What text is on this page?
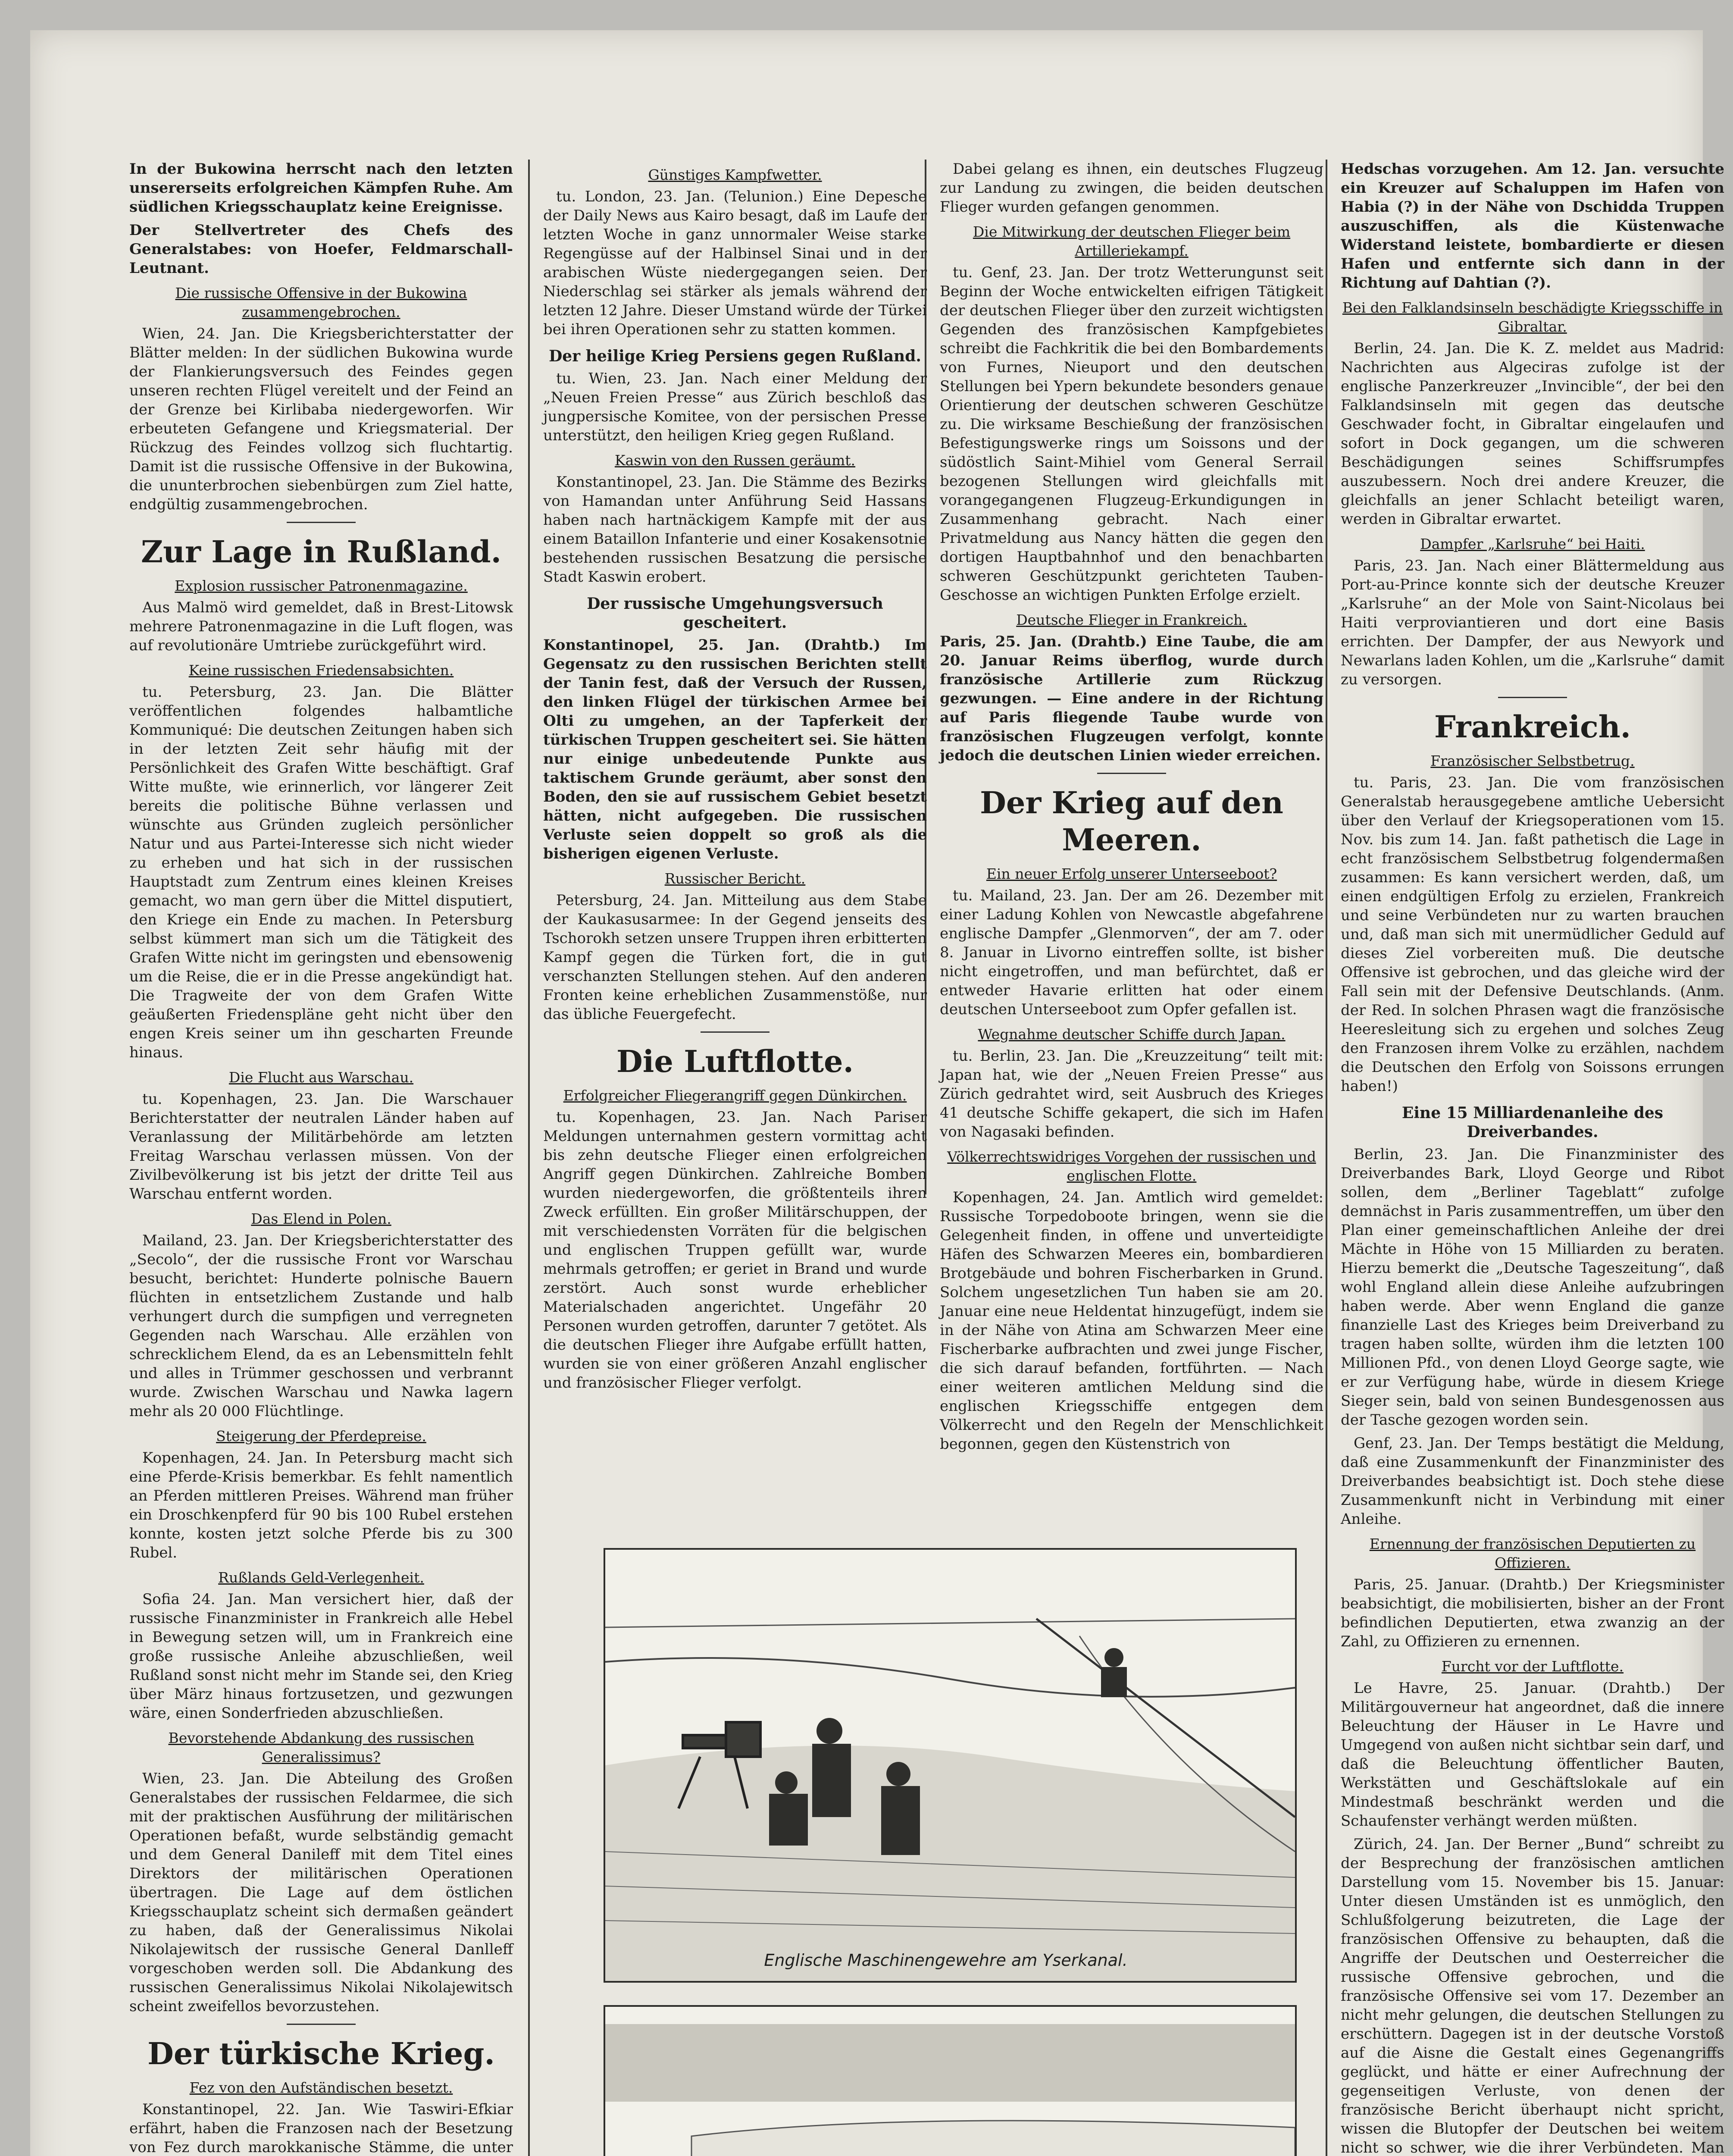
In der Bukowina herrscht nach den letzten unsererseits erfolgreichen Kämpfen Ruhe. Am südlichen Kriegsschauplatz keine Ereignisse.

Der Stellvertreter des Chefs des Generalstabes: von Hoefer, Feldmarschall-Leutnant.

Die russische Offensive in der Bukowina zusammengebrochen.

Wien, 24. Jan. Die Kriegsberichterstatter der Blätter melden: In der südlichen Bukowina wurde der Flankierungsversuch des Feindes gegen unseren rechten Flügel vereitelt und der Feind an der Grenze bei Kirlibaba niedergeworfen. Wir erbeuteten Gefangene und Kriegsmaterial. Der Rückzug des Feindes vollzog sich fluchtartig. Damit ist die russische Offensive in der Bukowina, die ununterbrochen siebenbürgen zum Ziel hatte, endgültig zusammengebrochen.

Zur Lage in Rußland.
Explosion russischer Patronenmagazine.

Aus Malmö wird gemeldet, daß in Brest-Litowsk mehrere Patronenmagazine in die Luft flogen, was auf revolutionäre Umtriebe zurückgeführt wird.

Keine russischen Friedensabsichten.

tu. Petersburg, 23. Jan. Die Blätter veröffentlichen folgendes halbamtliche Kommuniqué: Die deutschen Zeitungen haben sich in der letzten Zeit sehr häufig mit der Persönlichkeit des Grafen Witte beschäftigt. Graf Witte mußte, wie erinnerlich, vor längerer Zeit bereits die politische Bühne verlassen und wünschte aus Gründen zugleich persönlicher Natur und aus Partei-Interesse sich nicht wieder zu erheben und hat sich in der russischen Hauptstadt zum Zentrum eines kleinen Kreises gemacht, wo man gern über die Mittel disputiert, den Kriege ein Ende zu machen. In Petersburg selbst kümmert man sich um die Tätigkeit des Grafen Witte nicht im geringsten und ebensowenig um die Reise, die er in die Presse angekündigt hat. Die Tragweite der von dem Grafen Witte geäußerten Friedenspläne geht nicht über den engen Kreis seiner um ihn gescharten Freunde hinaus.

Die Flucht aus Warschau.

tu. Kopenhagen, 23. Jan. Die Warschauer Berichterstatter der neutralen Länder haben auf Veranlassung der Militärbehörde am letzten Freitag Warschau verlassen müssen. Von der Zivilbevölkerung ist bis jetzt der dritte Teil aus Warschau entfernt worden.

Das Elend in Polen.

Mailand, 23. Jan. Der Kriegsberichterstatter des „Secolo“, der die russische Front vor Warschau besucht, berichtet: Hunderte polnische Bauern flüchten in entsetzlichem Zustande und halb verhungert durch die sumpfigen und verregneten Gegenden nach Warschau. Alle erzählen von schrecklichem Elend, da es an Lebensmitteln fehlt und alles in Trümmer geschossen und verbrannt wurde. Zwischen Warschau und Nawka lagern mehr als 20 000 Flüchtlinge.

Steigerung der Pferdepreise.

Kopenhagen, 24. Jan. In Petersburg macht sich eine Pferde-Krisis bemerkbar. Es fehlt namentlich an Pferden mittleren Preises. Während man früher ein Droschkenpferd für 90 bis 100 Rubel erstehen konnte, kosten jetzt solche Pferde bis zu 300 Rubel.

Rußlands Geld-Verlegenheit.

Sofia 24. Jan. Man versichert hier, daß der russische Finanzminister in Frankreich alle Hebel in Bewegung setzen will, um in Frankreich eine große russische Anleihe abzuschließen, weil Rußland sonst nicht mehr im Stande sei, den Krieg über März hinaus fortzusetzen, und gezwungen wäre, einen Sonderfrieden abzuschließen.

Bevorstehende Abdankung des russischen Generalissimus?

Wien, 23. Jan. Die Abteilung des Großen Generalstabes der russischen Feldarmee, die sich mit der praktischen Ausführung der militärischen Operationen befaßt, wurde selbständig gemacht und dem General Danileff mit dem Titel eines Direktors der militärischen Operationen übertragen. Die Lage auf dem östlichen Kriegsschauplatz scheint sich dermaßen geändert zu haben, daß der Generalissimus Nikolai Nikolajewitsch der russische General Danlleff vorgeschoben werden soll. Die Abdankung des russischen Generalissimus Nikolai Nikolajewitsch scheint zweifellos bevorzustehen.

Der türkische Krieg.
Fez von den Aufständischen besetzt.

Konstantinopel, 22. Jan. Wie Taswiri-Efkiar erfährt, haben die Franzosen nach der Besetzung von Fez durch marokkanische Stämme, die unter

Günstiges Kampfwetter.

tu. London, 23. Jan. (Telunion.) Eine Depesche der Daily News aus Kairo besagt, daß im Laufe der letzten Woche in ganz unnormaler Weise starke Regengüsse auf der Halbinsel Sinai und in der arabischen Wüste niedergegangen seien. Der Niederschlag sei stärker als jemals während der letzten 12 Jahre. Dieser Umstand würde der Türkei bei ihren Operationen sehr zu statten kommen.

Der heilige Krieg Persiens gegen Rußland.

tu. Wien, 23. Jan. Nach einer Meldung der „Neuen Freien Presse“ aus Zürich beschloß das jungpersische Komitee, von der persischen Presse unterstützt, den heiligen Krieg gegen Rußland.

Kaswin von den Russen geräumt.

Konstantinopel, 23. Jan. Die Stämme des Bezirks von Hamandan unter Anführung Seid Hassans haben nach hartnäckigem Kampfe mit der aus einem Bataillon Infanterie und einer Kosakensotnie bestehenden russischen Besatzung die persische Stadt Kaswin erobert.

Der russische Umgehungsversuch gescheitert.

Konstantinopel, 25. Jan. (Drahtb.) Im Gegensatz zu den russischen Berichten stellt der Tanin fest, daß der Versuch der Russen, den linken Flügel der türkischen Armee bei Olti zu umgehen, an der Tapferkeit der türkischen Truppen gescheitert sei. Sie hätten nur einige unbedeutende Punkte aus taktischem Grunde geräumt, aber sonst den Boden, den sie auf russischem Gebiet besetzt hätten, nicht aufgegeben. Die russischen Verluste seien doppelt so groß als die bisherigen eigenen Verluste.

Russischer Bericht.

Petersburg, 24. Jan. Mitteilung aus dem Stabe der Kaukasusarmee: In der Gegend jenseits des Tschorokh setzen unsere Truppen ihren erbitterten Kampf gegen die Türken fort, die in gut verschanzten Stellungen stehen. Auf den anderen Fronten keine erheblichen Zusammenstöße, nur das übliche Feuergefecht.

Die Luftflotte.
Erfolgreicher Fliegerangriff gegen Dünkirchen.

tu. Kopenhagen, 23. Jan. Nach Pariser Meldungen unternahmen gestern vormittag acht bis zehn deutsche Flieger einen erfolgreichen Angriff gegen Dünkirchen. Zahlreiche Bomben wurden niedergeworfen, die größtenteils ihren Zweck erfüllten. Ein großer Militärschuppen, der mit verschiedensten Vorräten für die belgischen und englischen Truppen gefüllt war, wurde mehrmals getroffen; er geriet in Brand und wurde zerstört. Auch sonst wurde erheblicher Materialschaden angerichtet. Ungefähr 20 Personen wurden getroffen, darunter 7 getötet. Als die deutschen Flieger ihre Aufgabe erfüllt hatten, wurden sie von einer größeren Anzahl englischer und französischer Flieger verfolgt.

Dabei gelang es ihnen, ein deutsches Flugzeug zur Landung zu zwingen, die beiden deutschen Flieger wurden gefangen genommen.

Die Mitwirkung der deutschen Flieger beim Artilleriekampf.

tu. Genf, 23. Jan. Der trotz Wetterungunst seit Beginn der Woche entwickelten eifrigen Tätigkeit der deutschen Flieger über den zurzeit wichtigsten Gegenden des französischen Kampfgebietes schreibt die Fachkritik die bei den Bombardements von Furnes, Nieuport und den deutschen Stellungen bei Ypern bekundete besonders genaue Orientierung der deutschen schweren Geschütze zu. Die wirksame Beschießung der französischen Befestigungswerke rings um Soissons und der südöstlich Saint-Mihiel vom General Serrail bezogenen Stellungen wird gleichfalls mit vorangegangenen Flugzeug-Erkundigungen in Zusammenhang gebracht. Nach einer Privatmeldung aus Nancy hätten die gegen den dortigen Hauptbahnhof und den benachbarten schweren Geschützpunkt gerichteten Tauben-Geschosse an wichtigen Punkten Erfolge erzielt.

Deutsche Flieger in Frankreich.

Paris, 25. Jan. (Drahtb.) Eine Taube, die am 20. Januar Reims überflog, wurde durch französische Artillerie zum Rückzug gezwungen. — Eine andere in der Richtung auf Paris fliegende Taube wurde von französischen Flugzeugen verfolgt, konnte jedoch die deutschen Linien wieder erreichen.

Der Krieg auf den Meeren.
Ein neuer Erfolg unserer Unterseeboot?

tu. Mailand, 23. Jan. Der am 26. Dezember mit einer Ladung Kohlen von Newcastle abgefahrene englische Dampfer „Glenmorven“, der am 7. oder 8. Januar in Livorno eintreffen sollte, ist bisher nicht eingetroffen, und man befürchtet, daß er entweder Havarie erlitten hat oder einem deutschen Unterseeboot zum Opfer gefallen ist.

Wegnahme deutscher Schiffe durch Japan.

tu. Berlin, 23. Jan. Die „Kreuzzeitung“ teilt mit: Japan hat, wie der „Neuen Freien Presse“ aus Zürich gedrahtet wird, seit Ausbruch des Krieges 41 deutsche Schiffe gekapert, die sich im Hafen von Nagasaki befinden.

Völkerrechtswidriges Vorgehen der russischen und englischen Flotte.

Kopenhagen, 24. Jan. Amtlich wird gemeldet: Russische Torpedoboote bringen, wenn sie die Gelegenheit finden, in offene und unverteidigte Häfen des Schwarzen Meeres ein, bombardieren Brotgebäude und bohren Fischerbarken in Grund. Solchem ungesetzlichen Tun haben sie am 20. Januar eine neue Heldentat hinzugefügt, indem sie in der Nähe von Atina am Schwarzen Meer eine Fischerbarke aufbrachten und zwei junge Fischer, die sich darauf befanden, fortführten. — Nach einer weiteren amtlichen Meldung sind die englischen Kriegsschiffe entgegen dem Völkerrecht und den Regeln der Menschlichkeit begonnen, gegen den Küstenstrich von

Hedschas vorzugehen. Am 12. Jan. versuchte ein Kreuzer auf Schaluppen im Hafen von Habia (?) in der Nähe von Dschidda Truppen auszuschiffen, als die Küstenwache Widerstand leistete, bombardierte er diesen Hafen und entfernte sich dann in der Richtung auf Dahtian (?).

Bei den Falklandsinseln beschädigte Kriegsschiffe in Gibraltar.

Berlin, 24. Jan. Die K. Z. meldet aus Madrid: Nachrichten aus Algeciras zufolge ist der englische Panzerkreuzer „Invincible“, der bei den Falklandsinseln mit gegen das deutsche Geschwader focht, in Gibraltar eingelaufen und sofort in Dock gegangen, um die schweren Beschädigungen seines Schiffsrumpfes auszubessern. Noch drei andere Kreuzer, die gleichfalls an jener Schlacht beteiligt waren, werden in Gibraltar erwartet.

Dampfer „Karlsruhe“ bei Haiti.

Paris, 23. Jan. Nach einer Blättermeldung aus Port-au-Prince konnte sich der deutsche Kreuzer „Karlsruhe“ an der Mole von Saint-Nicolaus bei Haiti verproviantieren und dort eine Basis errichten. Der Dampfer, der aus Newyork und Newarlans laden Kohlen, um die „Karlsruhe“ damit zu versorgen.

Frankreich.
Französischer Selbstbetrug.

tu. Paris, 23. Jan. Die vom französischen Generalstab herausgegebene amtliche Uebersicht über den Verlauf der Kriegsoperationen vom 15. Nov. bis zum 14. Jan. faßt pathetisch die Lage in echt französischem Selbstbetrug folgendermaßen zusammen: Es kann versichert werden, daß, um einen endgültigen Erfolg zu erzielen, Frankreich und seine Verbündeten nur zu warten brauchen und, daß man sich mit unermüdlicher Geduld auf dieses Ziel vorbereiten muß. Die deutsche Offensive ist gebrochen, und das gleiche wird der Fall sein mit der Defensive Deutschlands. (Anm. der Red. In solchen Phrasen wagt die französische Heeresleitung sich zu ergehen und solches Zeug den Franzosen ihrem Volke zu erzählen, nachdem die Deutschen den Erfolg von Soissons errungen haben!)

Eine 15 Milliardenanleihe des Dreiverbandes.

Berlin, 23. Jan. Die Finanzminister des Dreiverbandes Bark, Lloyd George und Ribot sollen, dem „Berliner Tageblatt“ zufolge demnächst in Paris zusammentreffen, um über den Plan einer gemeinschaftlichen Anleihe der drei Mächte in Höhe von 15 Milliarden zu beraten. Hierzu bemerkt die „Deutsche Tageszeitung“, daß wohl England allein diese Anleihe aufzubringen haben werde. Aber wenn England die ganze finanzielle Last des Krieges beim Dreiverband zu tragen haben sollte, würden ihm die letzten 100 Millionen Pfd., von denen Lloyd George sagte, wie er zur Verfügung habe, würde in diesem Kriege Sieger sein, bald von seinen Bundesgenossen aus der Tasche gezogen worden sein.

Genf, 23. Jan. Der Temps bestätigt die Meldung, daß eine Zusammenkunft der Finanzminister des Dreiverbandes beabsichtigt ist. Doch stehe diese Zusammenkunft nicht in Verbindung mit einer Anleihe.

Ernennung der französischen Deputierten zu Offizieren.

Paris, 25. Januar. (Drahtb.) Der Kriegsminister beabsichtigt, die mobilisierten, bisher an der Front befindlichen Deputierten, etwa zwanzig an der Zahl, zu Offizieren zu ernennen.

Furcht vor der Luftflotte.

Le Havre, 25. Januar. (Drahtb.) Der Militärgouverneur hat angeordnet, daß die innere Beleuchtung der Häuser in Le Havre und Umgegend von außen nicht sichtbar sein darf, und daß die Beleuchtung öffentlicher Bauten, Werkstätten und Geschäftslokale auf ein Mindestmaß beschränkt werden und die Schaufenster verhängt werden müßten.

Zürich, 24. Jan. Der Berner „Bund“ schreibt zu der Besprechung der französischen amtlichen Darstellung vom 15. November bis 15. Januar: Unter diesen Umständen ist es unmöglich, den Schlußfolgerung beizutreten, die Lage der französischen Offensive zu behaupten, daß die Angriffe der Deutschen und Oesterreicher die russische Offensive gebrochen, und die französische Offensive sei vom 17. Dezember an nicht mehr gelungen, die deutschen Stellungen zu erschüttern. Dagegen ist in der deutsche Vorstoß auf die Aisne die Gestalt eines Gegenangriffs geglückt, und hätte er einer Aufrechnung der gegenseitigen Verluste, von denen der französische Bericht überhaupt nicht spricht, wissen die Blutopfer der Deutschen bei weitem nicht so schwer, wie die ihrer Verbündeten. Man

Englische Maschinengewehre am Yserkanal.
